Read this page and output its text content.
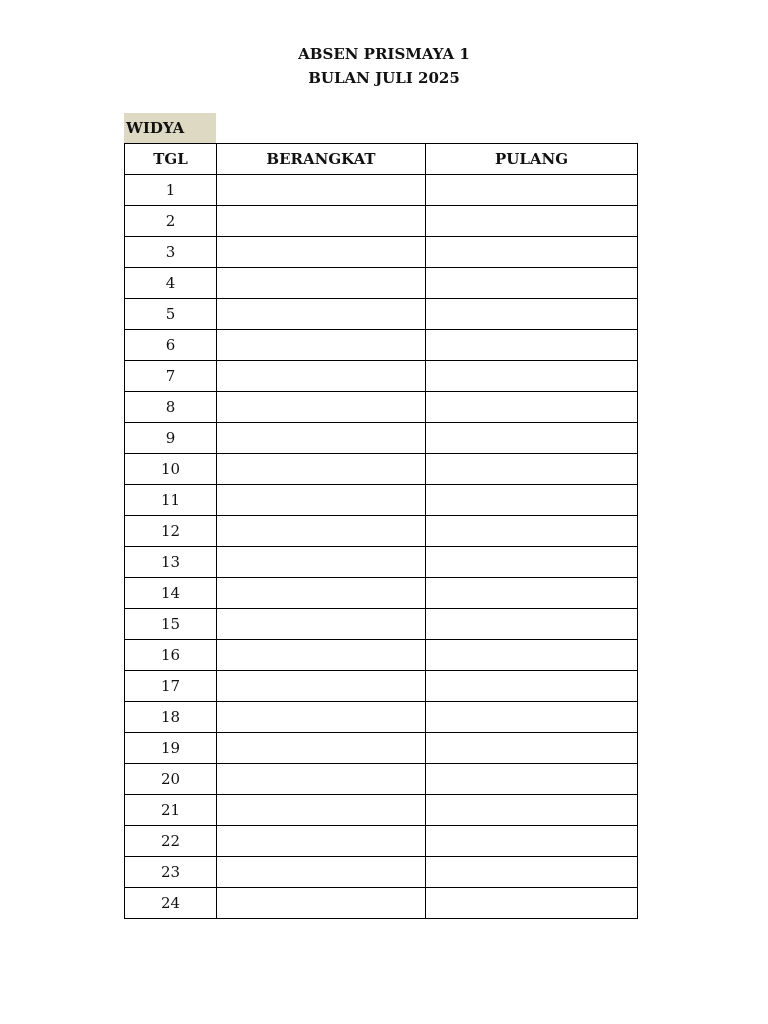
ABSEN PRISMAYA 1
BULAN JULI 2025
WIDYA
TGL	BERANGKAT	PULANG
1		
2		
3		
4		
5		
6		
7		
8		
9		
10		
11		
12		
13		
14		
15		
16		
17		
18		
19		
20		
21		
22		
23		
24		
